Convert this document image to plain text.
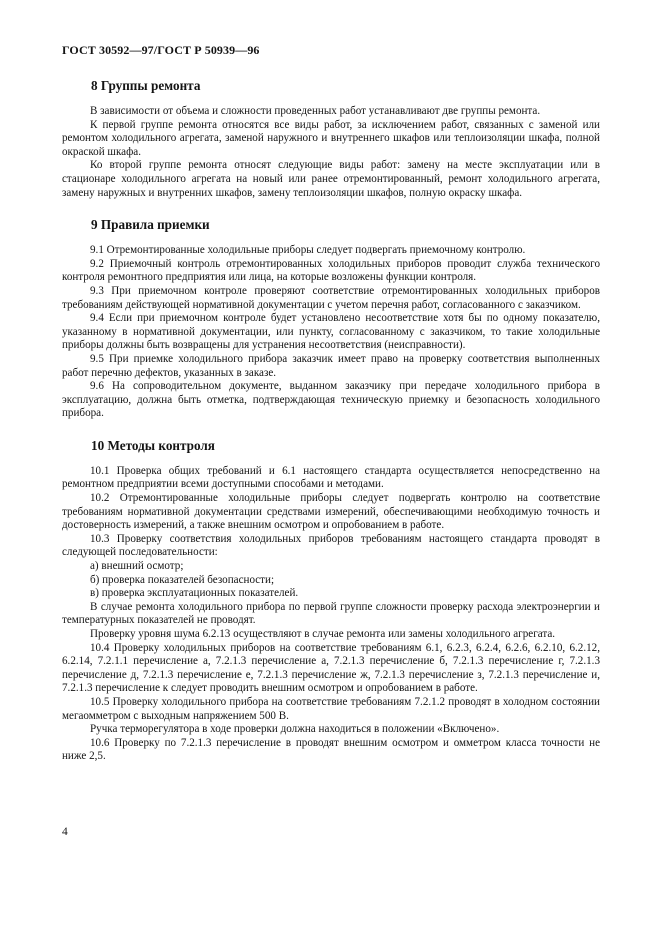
ГОСТ 30592—97/ГОСТ Р 50939—96
8 Группы ремонта

В зависимости от объема и сложности проведенных работ устанавливают две группы ремонта.

К первой группе ремонта относятся все виды работ, за исключением работ, связанных с заменой или ремонтом холодильного агрегата, заменой наружного и внутреннего шкафов или теплоизоляции шкафа, полной окраской шкафа.

Ко второй группе ремонта относят следующие виды работ: замену на месте эксплуатации или в стационаре холодильного агрегата на новый или ранее отремонтированный, ремонт холодильного агрегата, замену наружных и внутренних шкафов, замену теплоизоляции шкафов, полную окраску шкафа.

9 Правила приемки

9.1 Отремонтированные холодильные приборы следует подвергать приемочному контролю.

9.2 Приемочный контроль отремонтированных холодильных приборов проводит служба технического контроля ремонтного предприятия или лица, на которые возложены функции контроля.

9.3 При приемочном контроле проверяют соответствие отремонтированных холодильных приборов требованиям действующей нормативной документации с учетом перечня работ, согласованного с заказчиком.

9.4 Если при приемочном контроле будет установлено несоответствие хотя бы по одному показателю, указанному в нормативной документации, или пункту, согласованному с заказчиком, то такие холодильные приборы должны быть возвращены для устранения несоответствия (неисправности).

9.5 При приемке холодильного прибора заказчик имеет право на проверку соответствия выполненных работ перечню дефектов, указанных в заказе.

9.6 На сопроводительном документе, выданном заказчику при передаче холодильного прибора в эксплуатацию, должна быть отметка, подтверждающая техническую приемку и безопасность холодильного прибора.

10 Методы контроля

10.1 Проверка общих требований и 6.1 настоящего стандарта осуществляется непосредственно на ремонтном предприятии всеми доступными способами и методами.

10.2 Отремонтированные холодильные приборы следует подвергать контролю на соответствие требованиям нормативной документации средствами измерений, обеспечивающими необходимую точность и достоверность измерений, а также внешним осмотром и опробованием в работе.

10.3 Проверку соответствия холодильных приборов требованиям настоящего стандарта проводят в следующей последовательности:

а) внешний осмотр;
б) проверка показателей безопасности;
в) проверка эксплуатационных показателей.

В случае ремонта холодильного прибора по первой группе сложности проверку расхода электроэнергии и температурных показателей не проводят.

Проверку уровня шума 6.2.13 осуществляют в случае ремонта или замены холодильного агрегата.

10.4 Проверку холодильных приборов на соответствие требованиям 6.1, 6.2.3, 6.2.4, 6.2.6, 6.2.10, 6.2.12, 6.2.14, 7.2.1.1 перечисление а, 7.2.1.3 перечисление а, 7.2.1.3 перечисление б, 7.2.1.3 перечисление г, 7.2.1.3 перечисление д, 7.2.1.3 перечисление е, 7.2.1.3 перечисление ж, 7.2.1.3 перечисление з, 7.2.1.3 перечисление и, 7.2.1.3 перечисление к следует проводить внешним осмотром и опробованием в работе.

10.5 Проверку холодильного прибора на соответствие требованиям 7.2.1.2 проводят в холодном состоянии мегаомметром с выходным напряжением 500 В.

Ручка терморегулятора в ходе проверки должна находиться в положении «Включено».

10.6 Проверку по 7.2.1.3 перечисление в проводят внешним осмотром и омметром класса точности не ниже 2,5.

4
